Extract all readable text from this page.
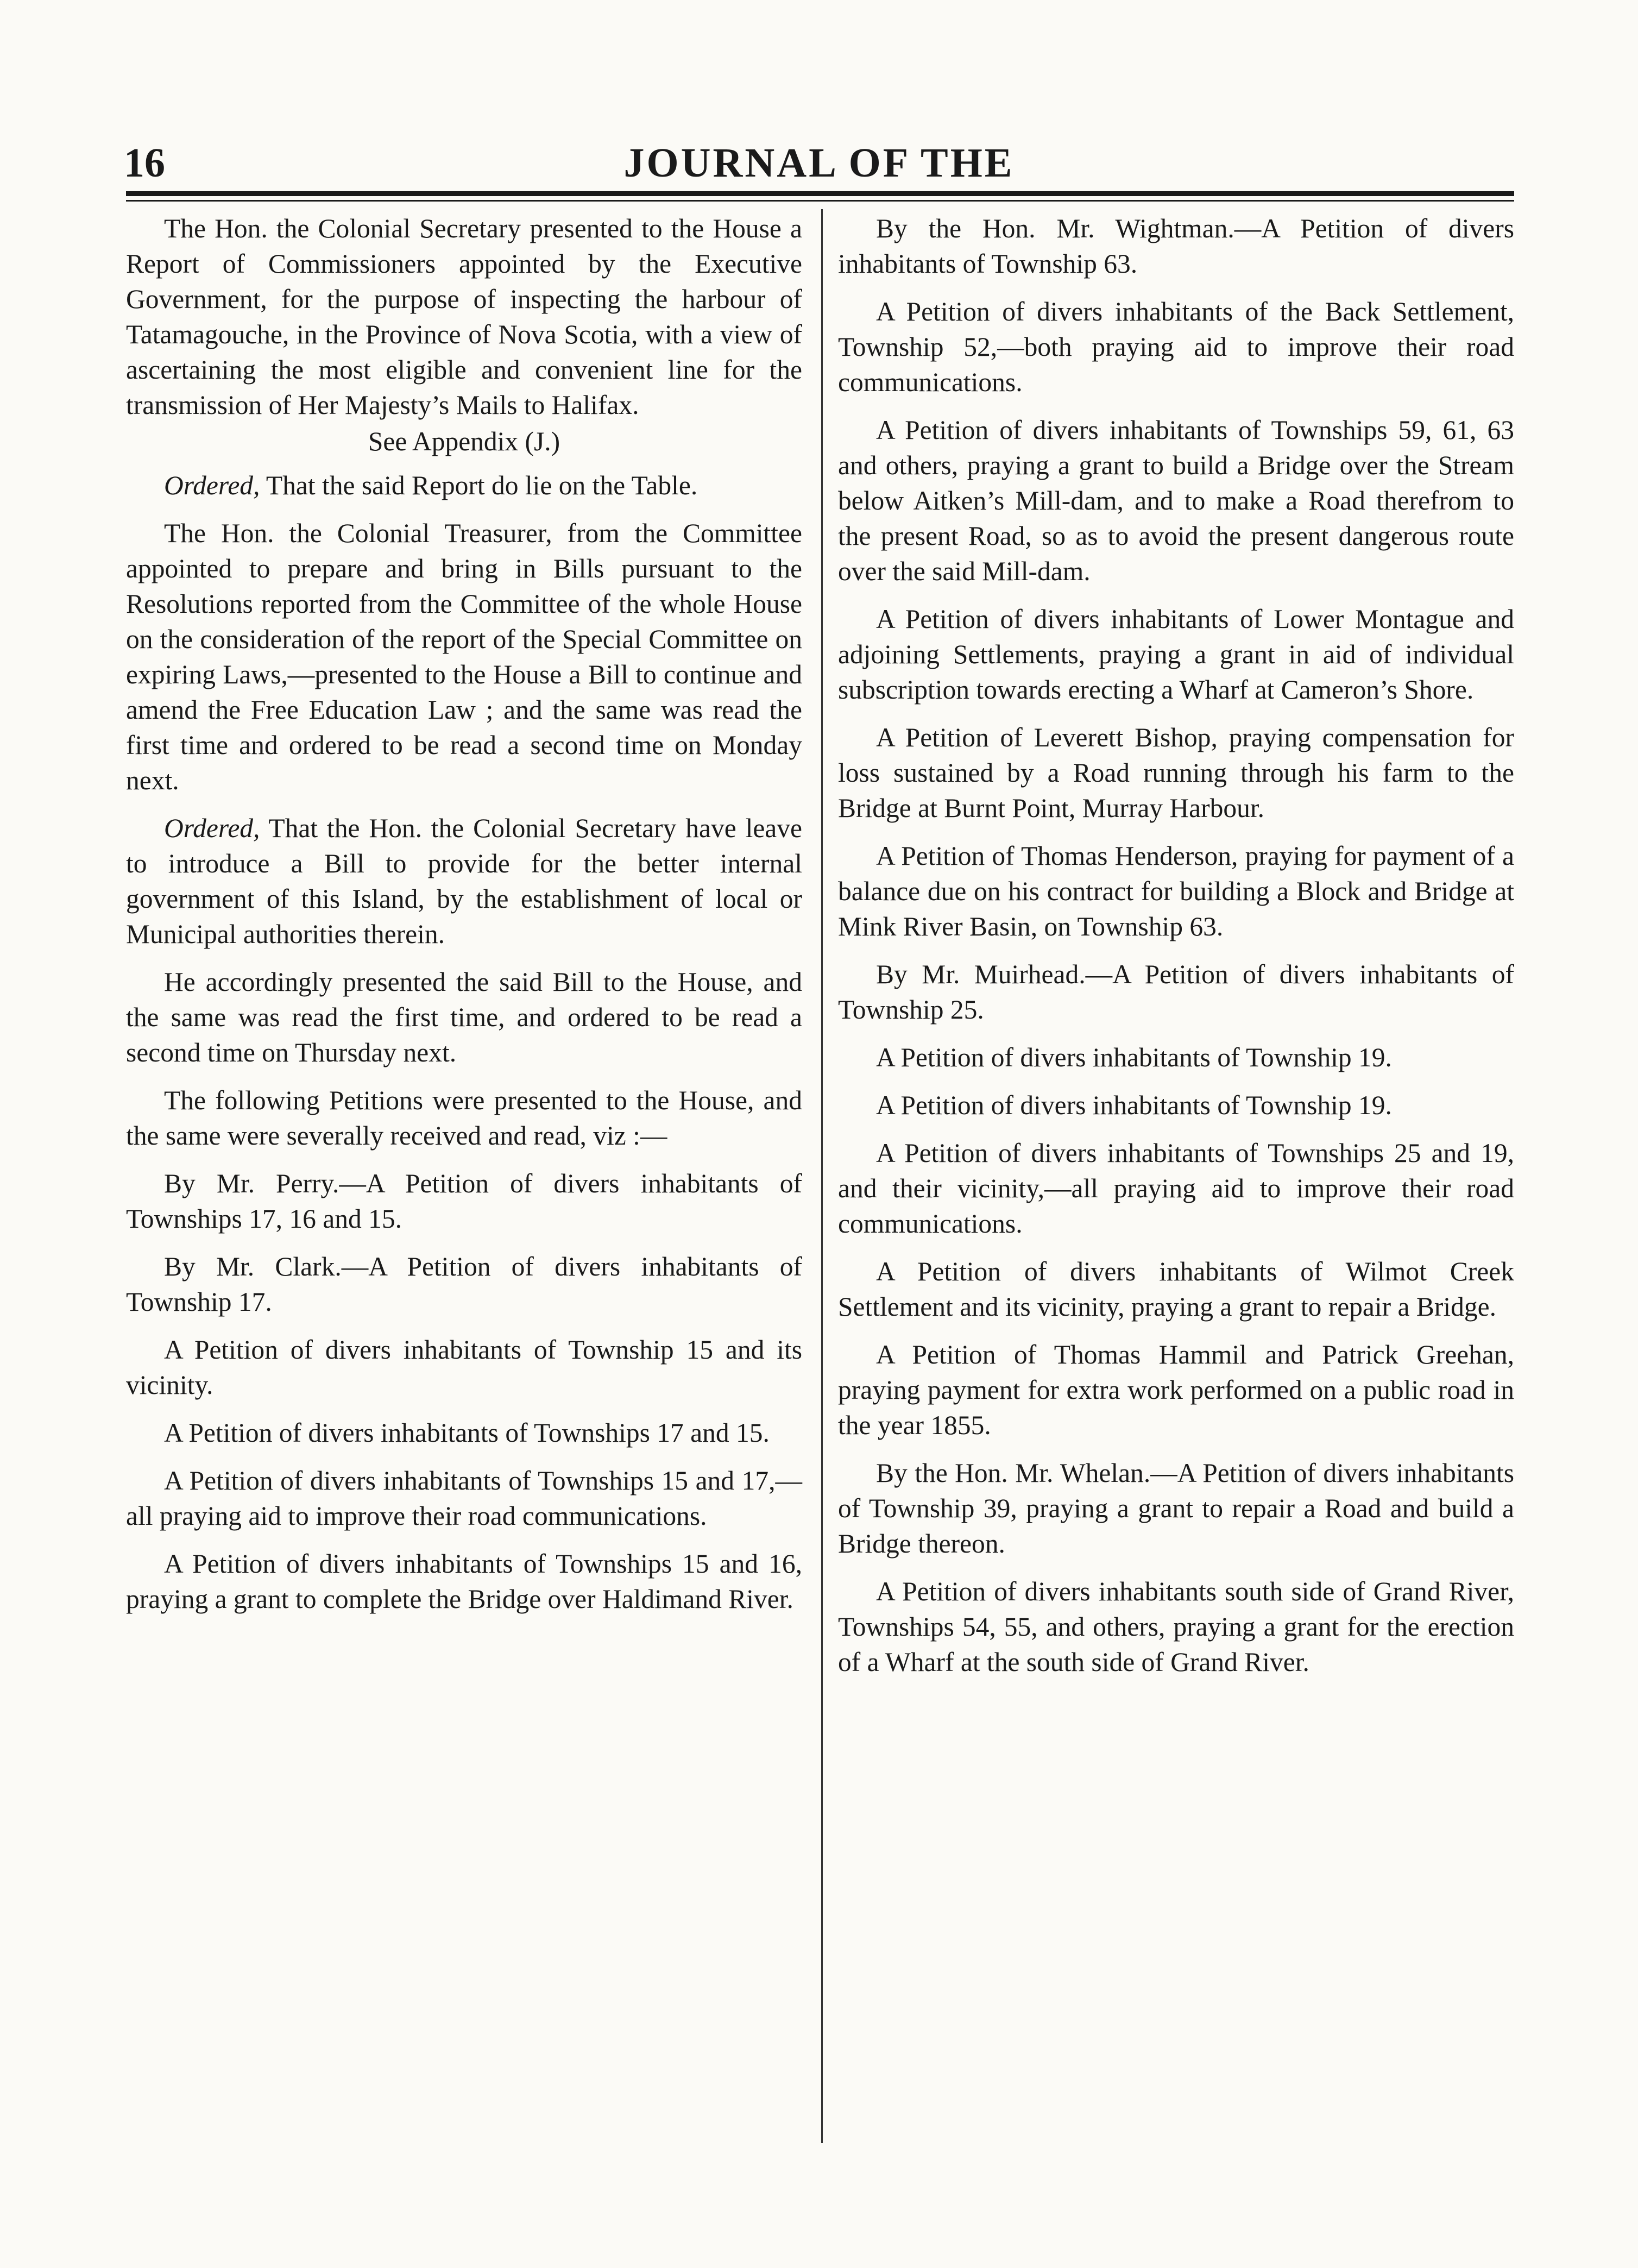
16	JOURNAL OF THE

The Hon. the Colonial Secretary presented to the House a Report of Commissioners appointed by the Executive Government, for the purpose of inspecting the harbour of Tatamagouche, in the Province of Nova Scotia, with a view of ascertaining the most eligible and convenient line for the transmission of Her Majesty’s Mails to Halifax.

See Appendix (J.)

Ordered, That the said Report do lie on the Table.

The Hon. the Colonial Treasurer, from the Committee appointed to prepare and bring in Bills pursuant to the Resolutions reported from the Committee of the whole House on the consideration of the report of the Special Committee on expiring Laws,—presented to the House a Bill to continue and amend the Free Education Law ; and the same was read the first time and ordered to be read a second time on Monday next.

Ordered, That the Hon. the Colonial Secretary have leave to introduce a Bill to provide for the better internal government of this Island, by the establishment of local or Municipal authorities therein.

He accordingly presented the said Bill to the House, and the same was read the first time, and ordered to be read a second time on Thursday next.

The following Petitions were presented to the House, and the same were severally received and read, viz :—

By Mr. Perry.—A Petition of divers inhabitants of Townships 17, 16 and 15.

By Mr. Clark.—A Petition of divers inhabitants of Township 17.

A Petition of divers inhabitants of Township 15 and its vicinity.

A Petition of divers inhabitants of Townships 17 and 15.

A Petition of divers inhabitants of Townships 15 and 17,—all praying aid to improve their road communications.

A Petition of divers inhabitants of Townships 15 and 16, praying a grant to complete the Bridge over Haldimand River.

By the Hon. Mr. Wightman.—A Petition of divers inhabitants of Township 63.

A Petition of divers inhabitants of the Back Settlement, Township 52,—both praying aid to improve their road communications.

A Petition of divers inhabitants of Townships 59, 61, 63 and others, praying a grant to build a Bridge over the Stream below Aitken’s Mill-dam, and to make a Road therefrom to the present Road, so as to avoid the present dangerous route over the said Mill-dam.

A Petition of divers inhabitants of Lower Montague and adjoining Settlements, praying a grant in aid of individual subscription towards erecting a Wharf at Cameron’s Shore.

A Petition of Leverett Bishop, praying compensation for loss sustained by a Road running through his farm to the Bridge at Burnt Point, Murray Harbour.

A Petition of Thomas Henderson, praying for payment of a balance due on his contract for building a Block and Bridge at Mink River Basin, on Township 63.

By Mr. Muirhead.—A Petition of divers inhabitants of Township 25.

A Petition of divers inhabitants of Township 19.

A Petition of divers inhabitants of Township 19.

A Petition of divers inhabitants of Townships 25 and 19, and their vicinity,—all praying aid to improve their road communications.

A Petition of divers inhabitants of Wilmot Creek Settlement and its vicinity, praying a grant to repair a Bridge.

A Petition of Thomas Hammil and Patrick Greehan, praying payment for extra work performed on a public road in the year 1855.

By the Hon. Mr. Whelan.—A Petition of divers inhabitants of Township 39, praying a grant to repair a Road and build a Bridge thereon.

A Petition of divers inhabitants south side of Grand River, Townships 54, 55, and others, praying a grant for the erection of a Wharf at the south side of Grand River.
